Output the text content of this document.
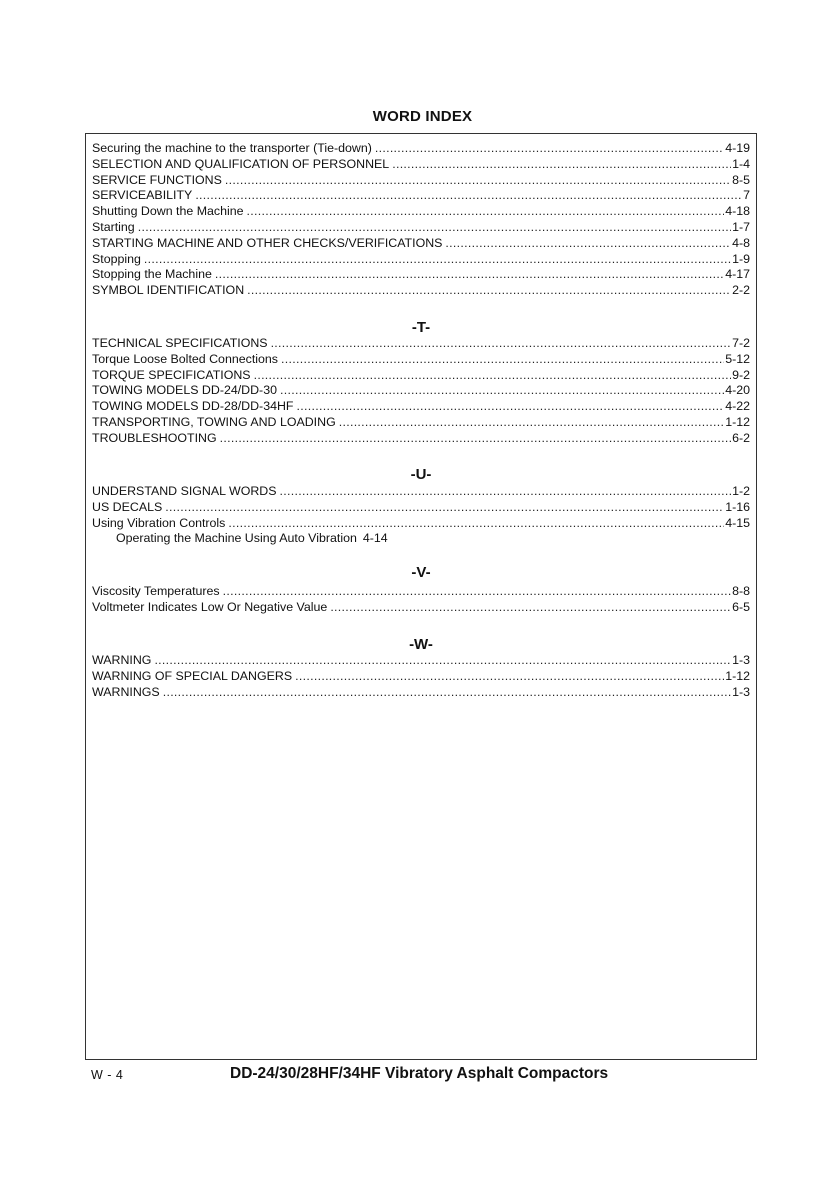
WORD INDEX
Securing the machine to the transporter (Tie-down) .....	4-19
SELECTION AND QUALIFICATION OF PERSONNEL .....	1-4
SERVICE FUNCTIONS .....	8-5
SERVICEABILITY .....	7
Shutting Down the Machine .....	4-18
Starting .....	1-7
STARTING MACHINE AND OTHER CHECKS/VERIFICATIONS .....	4-8
Stopping .....	1-9
Stopping the Machine .....	4-17
SYMBOL IDENTIFICATION .....	2-2
-T-
TECHNICAL SPECIFICATIONS .....	7-2
Torque Loose Bolted Connections .....	5-12
TORQUE SPECIFICATIONS .....	9-2
TOWING MODELS DD-24/DD-30 .....	4-20
TOWING MODELS DD-28/DD-34HF .....	4-22
TRANSPORTING, TOWING AND LOADING .....	1-12
TROUBLESHOOTING .....	6-2
-U-
UNDERSTAND SIGNAL WORDS .....	1-2
US DECALS .....	1-16
Using Vibration Controls .....	4-15
Operating the Machine Using Auto Vibration 4-14
-V-
Viscosity Temperatures .....	8-8
Voltmeter Indicates Low Or Negative Value .....	6-5
-W-
WARNING .....	1-3
WARNING OF SPECIAL DANGERS .....	1-12
WARNINGS .....	1-3
W - 4	DD-24/30/28HF/34HF Vibratory Asphalt Compactors
